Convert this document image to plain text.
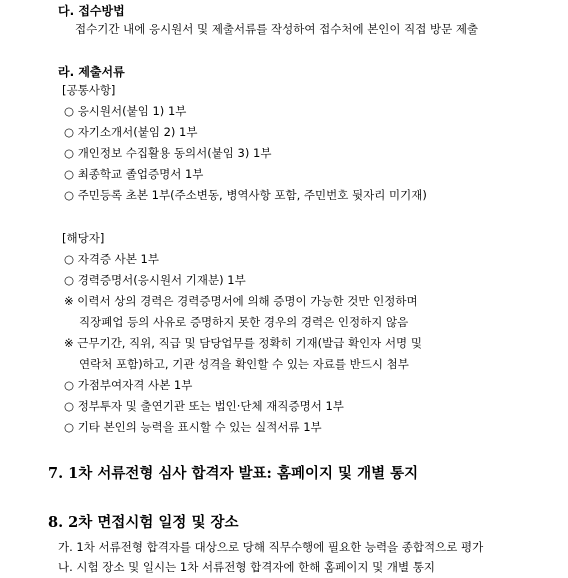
다. 접수방법
접수기간 내에 응시원서 및 제출서류를 작성하여 접수처에 본인이 직접 방문 제출
라. 제출서류
[공통사항]
○ 응시원서(붙임 1) 1부
○ 자기소개서(붙임 2) 1부
○ 개인정보 수집활용 동의서(붙임 3) 1부
○ 최종학교 졸업증명서 1부
○ 주민등록 초본 1부(주소변동, 병역사항 포함, 주민번호 뒷자리 미기재)
[해당자]
○ 자격증 사본 1부
○ 경력증명서(응시원서 기재분) 1부
※ 이력서 상의 경력은 경력증명서에 의해 증명이 가능한 것만 인정하며
직장폐업 등의 사유로 증명하지 못한 경우의 경력은 인정하지 않음
※ 근무기간, 직위, 직급 및 담당업무를 정확히 기재(발급 확인자 서명 및
연락처 포함)하고, 기관 성격을 확인할 수 있는 자료를 반드시 첨부
○ 가점부여자격 사본 1부
○ 정부투자 및 출연기관 또는 법인·단체 재직증명서 1부
○ 기타 본인의 능력을 표시할 수 있는 실적서류 1부
7. 1차 서류전형 심사 합격자 발표: 홈페이지 및 개별 통지
8. 2차 면접시험 일정 및 장소
가. 1차 서류전형 합격자를 대상으로 당해 직무수행에 필요한 능력을 종합적으로 평가
나. 시험 장소 및 일시는 1차 서류전형 합격자에 한해 홈페이지 및 개별 통지
